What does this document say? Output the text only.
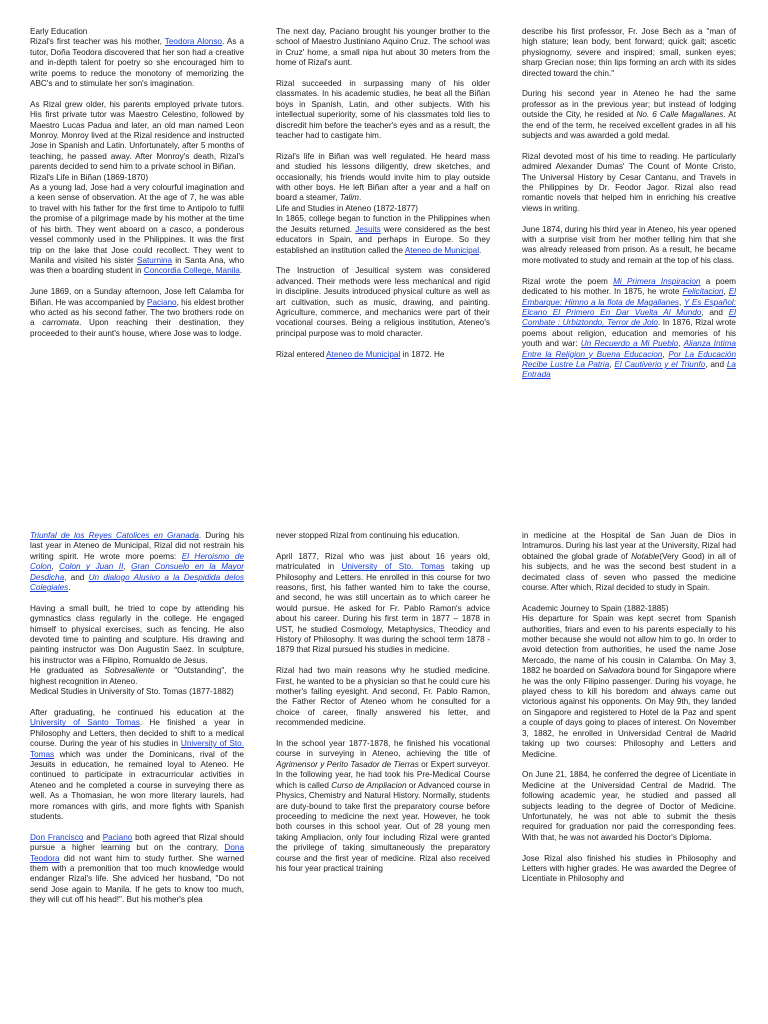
Early Education

Rizal's first teacher was his mother, Teodora Alonso. As a tutor, Doña Teodora discovered that her son had a creative and in-depth talent for poetry so she encouraged him to write poems to reduce the monotony of memorizing the ABC's and to stimulate her son's imagination.

As Rizal grew older, his parents employed private tutors. His first private tutor was Maestro Celestino, followed by Maestro Lucas Padua and later, an old man named Leon Monroy. Monroy lived at the Rizal residence and instructed Jose in Spanish and Latin. Unfortunately, after 5 months of teaching, he passed away. After Monroy's death, Rizal's parents decided to send him to a private school in Biñan.

Rizal's Life in Biñan (1869-1870)

As a young lad, Jose had a very colourful imagination and a keen sense of observation. At the age of 7, he was able to travel with his father for the first time to Antipolo to fulfil the promise of a pilgrimage made by his mother at the time of his birth. They went aboard on a casco, a ponderous vessel commonly used in the Philippines. It was the first trip on the lake that Jose could recollect. They went to Manila and visited his sister Saturnina in Santa Ana, who was then a boarding student in Concordia College, Manila.

June 1869, on a Sunday afternoon, Jose left Calamba for Biñan. He was accompanied by Paciano, his eldest brother who acted as his second father. The two brothers rode on a carromata. Upon reaching their destination, they proceeded to their aunt's house, where Jose was to lodge.

The next day, Paciano brought his younger brother to the school of Maestro Justiniano Aquino Cruz. The school was in Cruz' home, a small nipa hut about 30 meters from the home of Rizal's aunt.

Rizal succeeded in surpassing many of his older classmates. In his academic studies, he beat all the Biñan boys in Spanish, Latin, and other subjects. With his intellectual superiority, some of his classmates told lies to discredit him before the teacher's eyes and as a result, the teacher had to castigate him.

Rizal's life in Biñan was well regulated. He heard mass and studied his lessons diligently, drew sketches, and occasionally, his friends would invite him to play outside with other boys. He left Biñan after a year and a half on board a steamer, Talim.

Life and Studies in Ateneo (1872-1877)

In 1865, college began to function in the Philippines when the Jesuits returned. Jesuits were considered as the best educators in Spain, and perhaps in Europe. So they established an institution called the Ateneo de Municipal.

The Instruction of Jesuitical system was considered advanced. Their methods were less mechanical and rigid in discipline. Jesuits introduced physical culture as well as art cultivation, such as music, drawing, and painting. Agriculture, commerce, and mechanics were part of their vocational courses. Being a religious institution, Ateneo's principal purpose was to mold character.

Rizal entered Ateneo de Municipal in 1872. He

describe his first professor, Fr. Jose Bech as a "man of high stature; lean body, bent forward; quick gait; ascetic physiognomy, severe and inspired; small, sunken eyes; sharp Grecian nose; thin lips forming an arch with its sides directed toward the chin."

During his second year in Ateneo he had the same professor as in the previous year; but instead of lodging outside the City, he resided at No. 6 Calle Magallanes. At the end of the term, he received excellent grades in all his subjects and was awarded a gold medal.

Rizal devoted most of his time to reading. He particularly admired Alexander Dumas' The Count of Monte Cristo, The Universal History by Cesar Cantanu, and Travels in the Philippines by Dr. Feodor Jagor. Rizal also read romantic novels that helped him in enriching his creative views in writing.

June 1874, during his third year in Ateneo, his year opened with a surprise visit from her mother telling him that she was already released from prison. As a result, he became more motivated to study and remain at the top of his class.

Rizal wrote the poem Mi Primera Inspiracion a poem dedicated to his mother. In 1875, he wrote Felicitacion, El Embarque: Himno a la flota de Magallanes, Y Es Español: Elcano El Primero En Dar Vuelta Al Mundo, and El Combate : Urbiztondo, Terror de Jolo. In 1876, Rizal wrote poems about religion, education and memories of his youth and war: Un Recuerdo a Mi Pueblo, Alianza Intima Entre la Religion y Buena Educacion, Por La Educación Recibe Lustre La Patria, El Cautiverio y el Triunfo, and La Entrada

Triunfal de los Reyes Catolices en Granada. During his last year in Ateneo de Municipal, Rizal did not restrain his writing spirit. He wrote more poems: El Heroismo de Colon, Colon y Juan II, Gran Consuelo en la Mayor Desdicha, and Un dialogo Alusivo a la Despidida delos Colegiales.

Having a small built, he tried to cope by attending his gymnastics class regularly in the college. He engaged himself to physical exercises, such as fencing. He also devoted time to painting and sculpture. His drawing and painting instructor was Don Augustin Saez. In sculpture, his instructor was a Filipino, Romualdo de Jesus.

He graduated as Sobresaliente or "Outstanding", the highest recognition in Ateneo.

Medical Studies in University of Sto. Tomas (1877-1882)

After graduating, he continued his education at the University of Santo Tomas. He finished a year in Philosophy and Letters, then decided to shift to a medical course. During the year of his studies in University of Sto. Tomas which was under the Dominicans, rival of the Jesuits in education, he remained loyal to Ateneo. He continued to participate in extracurricular activities in Ateneo and he completed a course in surveying there as well. As a Thomasian, he won more literary laurels, had more romances with girls, and more fights with Spanish students.

Don Francisco and Paciano both agreed that Rizal should pursue a higher learning but on the contrary, Dona Teodora did not want him to study further. She warned them with a premonition that too much knowledge would endanger Rizal's life. She adviced her husband, "Do not send Jose again to Manila. If he gets to know too much, they will cut off his head!". But his mother's plea

never stopped Rizal from continuing his education.

April 1877, Rizal who was just about 16 years old, matriculated in University of Sto. Tomas taking up Philosophy and Letters. He enrolled in this course for two reasons, first, his father wanted him to take the course, and second, he was still uncertain as to which career he would pursue. He asked for Fr. Pablo Ramon's advice about his career. During his first term in 1877 – 1878 in UST, he studied Cosmology, Metaphysics, Theodicy and History of Philosophy. It was during the school term 1878 - 1879 that Rizal pursued his studies in medicine.

Rizal had two main reasons why he studied medicine. First, he wanted to be a physician so that he could cure his mother's failing eyesight. And second, Fr. Pablo Ramon, the Father Rector of Ateneo whom he consulted for a choice of career, finally answered his letter, and recommended medicine.

In the school year 1877-1878, he finished his vocational course in surveying in Ateneo, achieving the title of Agrimensor y Perito Tasador de Tierras or Expert surveyor. In the following year, he had took his Pre-Medical Course which is called Curso de Ampliacion or Advanced course in Physics, Chemistry and Natural History. Normally, students are duty-bound to take first the preparatory course before proceeding to medicine the next year. However, he took both courses in this school year. Out of 28 young men taking Ampliacion, only four including Rizal were granted the privilege of taking simultaneously the preparatory course and the first year of medicine. Rizal also received his four year practical training

in medicine at the Hospital de San Juan de Dios in Intramuros. During his last year at the University, Rizal had obtained the global grade of Notable(Very Good) in all of his subjects, and he was the second best student in a decimated class of seven who passed the medicine course. After which, Rizal decided to study in Spain.

Academic Journey to Spain (1882-1885)

His departure for Spain was kept secret from Spanish authorities, friars and even to his parents especially to his mother because she would not allow him to go. In order to avoid detection from authorities, he used the name Jose Mercado, the name of his cousin in Calamba. On May 3, 1882 he boarded on Salvadora bound for Singapore where he was the only Filipino passenger. During his voyage, he played chess to kill his boredom and always came out victorious against his opponents. On May 9th, they landed on Singapore and registered to Hotel de la Paz and spent a couple of days going to places of interest. On November 3, 1882, he enrolled in Universidad Central de Madrid taking up two courses: Philosophy and Letters and Medicine.

On June 21, 1884, he conferred the degree of Licentiate in Medicine at the Universidad Central de Madrid. The following academic year, he studied and passed all subjects leading to the degree of Doctor of Medicine. Unfortunately, he was not able to submit the thesis required for graduation nor paid the corresponding fees. With that, he was not awarded his Doctor's Diploma.

Jose Rizal also finished his studies in Philosophy and Letters with higher grades. He was awarded the Degree of Licentiate in Philosophy and
